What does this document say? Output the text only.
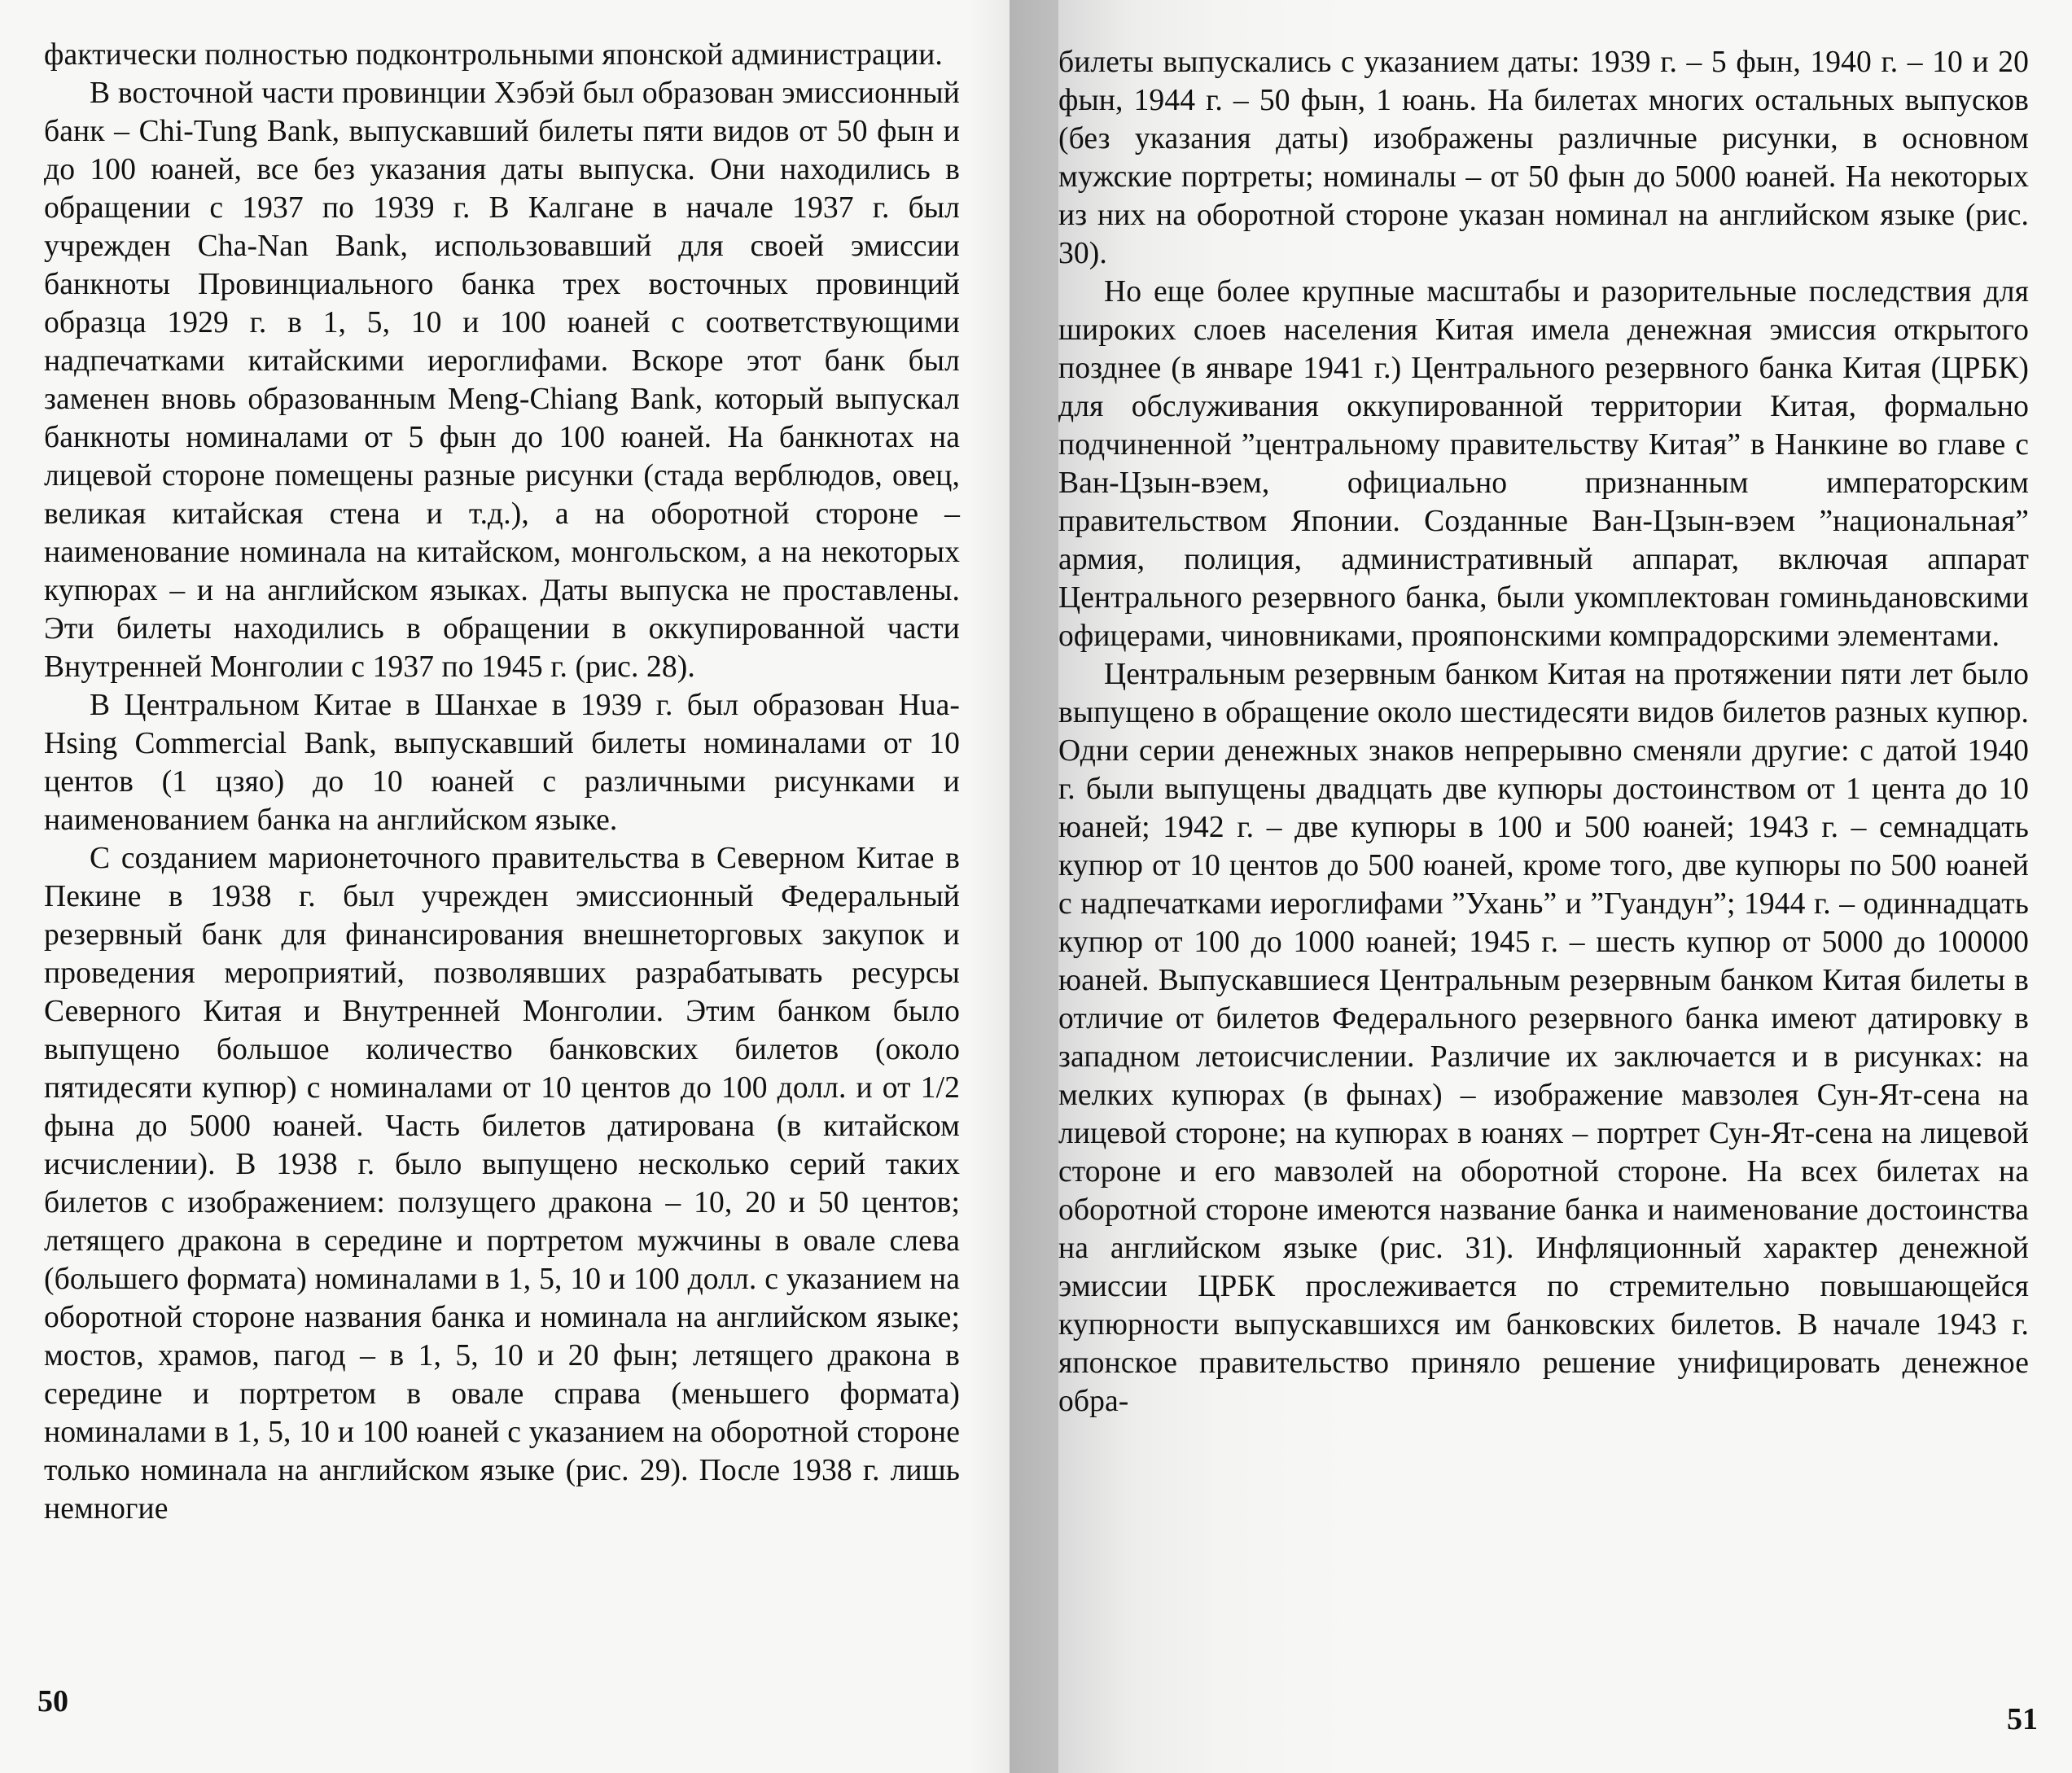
фактически полностью подконтрольными японской администрации.

В восточной части провинции Хэбэй был образован эмиссионный банк – Chi-Tung Bank, выпускавший билеты пяти видов от 50 фын и до 100 юаней, все без указания даты выпуска. Они находились в обращении с 1937 по 1939 г. В Калгане в начале 1937 г. был учрежден Cha-Nan Bank, использовавший для своей эмиссии банкноты Провинциального банка трех восточных провинций образца 1929 г. в 1, 5, 10 и 100 юаней с соответствующими надпечатками китайскими иероглифами. Вскоре этот банк был заменен вновь образованным Meng-Chiang Bank, который выпускал банкноты номиналами от 5 фын до 100 юаней. На банкнотах на лицевой стороне помещены разные рисунки (стада верблюдов, овец, великая китайская стена и т.д.), а на оборотной стороне – наименование номинала на китайском, монгольском, а на некоторых купюрах – и на английском языках. Даты выпуска не проставлены. Эти билеты находились в обращении в оккупированной части Внутренней Монголии с 1937 по 1945 г. (рис. 28).

В Центральном Китае в Шанхае в 1939 г. был образован Hua-Hsing Commercial Bank, выпускавший билеты номиналами от 10 центов (1 цзяо) до 10 юаней с различными рисунками и наименованием банка на английском языке.

С созданием марионеточного правительства в Северном Китае в Пекине в 1938 г. был учрежден эмиссионный Федеральный резервный банк для финансирования внешнеторговых закупок и проведения мероприятий, позволявших разрабатывать ресурсы Северного Китая и Внутренней Монголии. Этим банком было выпущено большое количество банковских билетов (около пятидесяти купюр) с номиналами от 10 центов до 100 долл. и от 1/2 фына до 5000 юаней. Часть билетов датирована (в китайском исчислении). В 1938 г. было выпущено несколько серий таких билетов с изображением: ползущего дракона – 10, 20 и 50 центов; летящего дракона в середине и портретом мужчины в овале слева (большего формата) номиналами в 1, 5, 10 и 100 долл. с указанием на оборотной стороне названия банка и номинала на английском языке; мостов, храмов, пагод – в 1, 5, 10 и 20 фын; летящего дракона в середине и портретом в овале справа (меньшего формата) номиналами в 1, 5, 10 и 100 юаней с указанием на оборотной стороне только номинала на английском языке (рис. 29). После 1938 г. лишь немногие

50

билеты выпускались с указанием даты: 1939 г. – 5 фын, 1940 г. – 10 и 20 фын, 1944 г. – 50 фын, 1 юань. На билетах многих остальных выпусков (без указания даты) изображены различные рисунки, в основном мужские портреты; номиналы – от 50 фын до 5000 юаней. На некоторых из них на оборотной стороне указан номинал на английском языке (рис. 30).

Но еще более крупные масштабы и разорительные последствия для широких слоев населения Китая имела денежная эмиссия открытого позднее (в январе 1941 г.) Центрального резервного банка Китая (ЦРБК) для обслуживания оккупированной территории Китая, формально подчиненной ”центральному правительству Китая” в Нанкине во главе с Ван-Цзын-вэем, официально признанным императорским правительством Японии. Созданные Ван-Цзын-вэем ”национальная” армия, полиция, административный аппарат, включая аппарат Центрального резервного банка, были укомплектован гоминьдановскими офицерами, чиновниками, прояпонскими компрадорскими элементами.

Центральным резервным банком Китая на протяжении пяти лет было выпущено в обращение около шестидесяти видов билетов разных купюр. Одни серии денежных знаков непрерывно сменяли другие: с датой 1940 г. были выпущены двадцать две купюры достоинством от 1 цента до 10 юаней; 1942 г. – две купюры в 100 и 500 юаней; 1943 г. – семнадцать купюр от 10 центов до 500 юаней, кроме того, две купюры по 500 юаней с надпечатками иероглифами ”Ухань” и ”Гуандун”; 1944 г. – одиннадцать купюр от 100 до 1000 юаней; 1945 г. – шесть купюр от 5000 до 100000 юаней. Выпускавшиеся Центральным резервным банком Китая билеты в отличие от билетов Федерального резервного банка имеют датировку в западном летоисчислении. Различие их заключается и в рисунках: на мелких купюрах (в фынах) – изображение мавзолея Сун-Ят-сена на лицевой стороне; на купюрах в юанях – портрет Сун-Ят-сена на лицевой стороне и его мавзолей на оборотной стороне. На всех билетах на оборотной стороне имеются название банка и наименование достоинства на английском языке (рис. 31). Инфляционный характер денежной эмиссии ЦРБК прослеживается по стремительно повышающейся купюрности выпускавшихся им банковских билетов. В начале 1943 г. японское правительство приняло решение унифицировать денежное обра-

51
